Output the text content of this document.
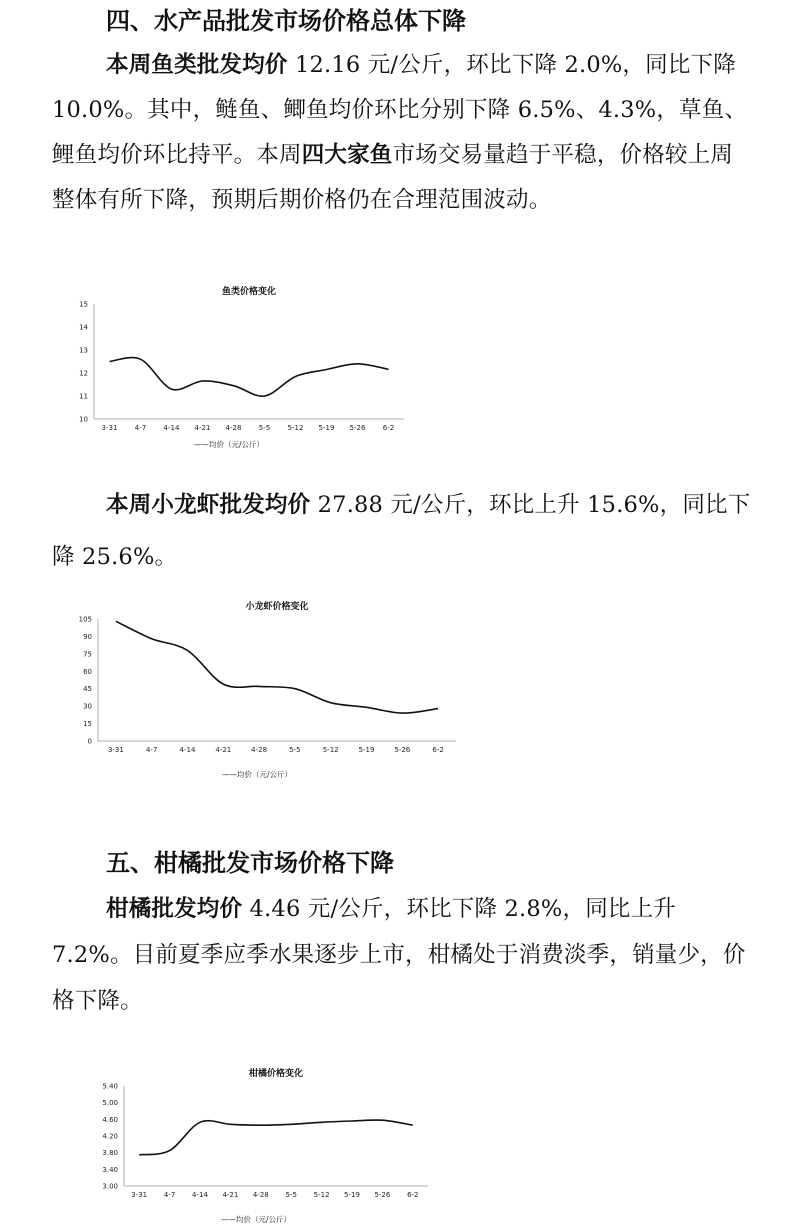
四、水产品批发市场价格总体下降

本周鱼类批发均价 12.16 元/公斤，环比下降 2.0%，同比下降 10.0%。其中，鲢鱼、鲫鱼均价环比分别下降 6.5%、4.3%，草鱼、鲤鱼均价环比持平。本周四大家鱼市场交易量趋于平稳，价格较上周整体有所下降，预期后期价格仍在合理范围波动。

鱼类价格变化
15
14
13
12
11
10
3-31 4-7 4-14 4-21 4-28 5-5 5-12 5-19 5-26 6-2
——均价（元/公斤）

本周小龙虾批发均价 27.88 元/公斤，环比上升 15.6%，同比下降 25.6%。

小龙虾价格变化
105
90
75
60
45
30
15
0
3-31	4-7	4-14	4-21	4-28	5-5	5-12	5-19	5-26	6-2
——均价（元/公斤）
五、柑橘批发市场价格下降

柑橘批发均价 4.46 元/公斤，环比下降 2.8%，同比上升 7.2%。目前夏季应季水果逐步上市，柑橘处于消费淡季，销量少，价格下降。

柑橘价格变化
5.40
5.00
4.60
4.20
3.80
3.40
3.00
3-31 4-7 4-14 4-21 4-28 5-5 5-12 5-19 5-26 6-2
——均价（元/公斤）
